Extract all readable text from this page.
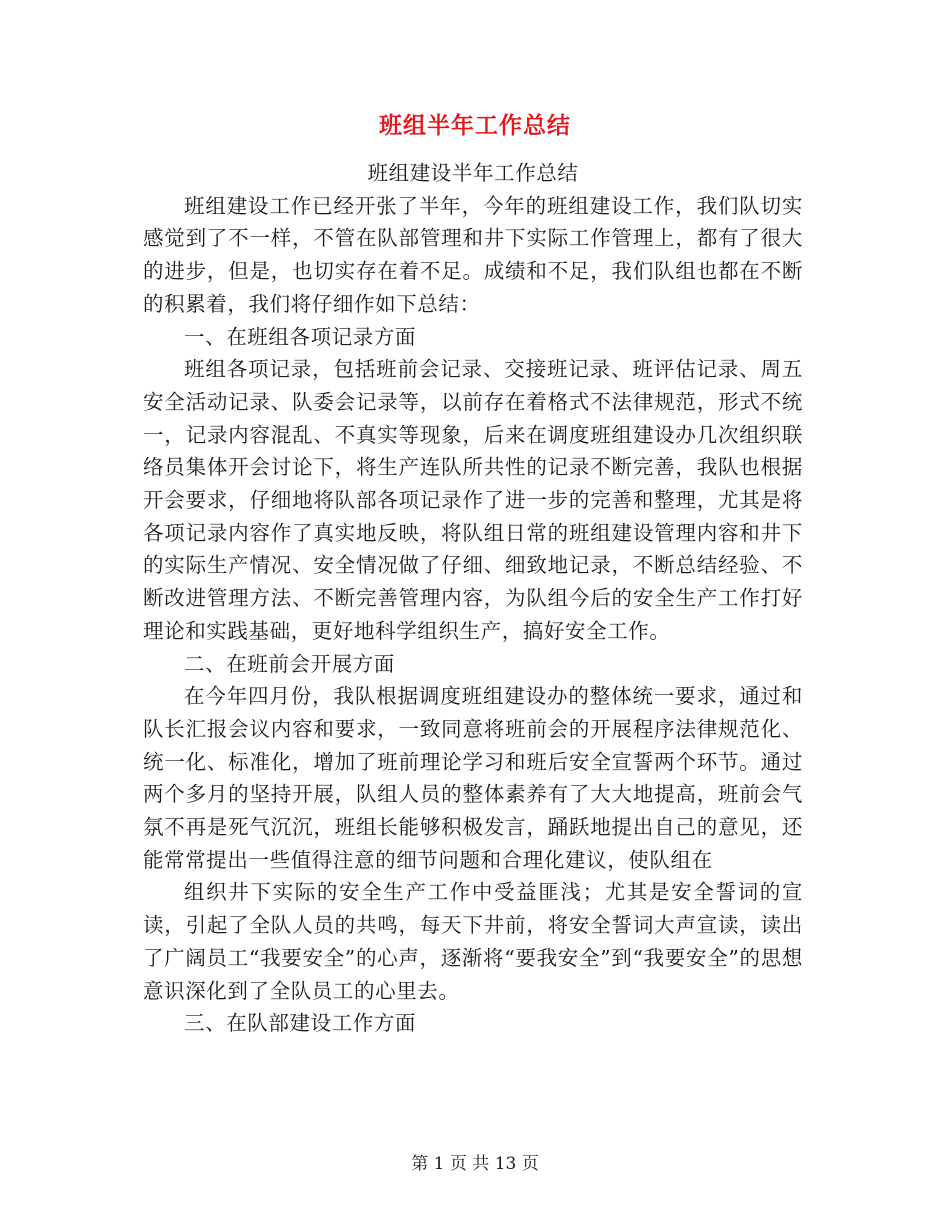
班组半年工作总结

班组建设半年工作总结

班组建设工作已经开张了半年，今年的班组建设工作，我们队切实感觉到了不一样，不管在队部管理和井下实际工作管理上，都有了很大的进步，但是，也切实存在着不足。成绩和不足，我们队组也都在不断的积累着，我们将仔细作如下总结：

一、在班组各项记录方面

班组各项记录，包括班前会记录、交接班记录、班评估记录、周五安全活动记录、队委会记录等，以前存在着格式不法律规范，形式不统一，记录内容混乱、不真实等现象，后来在调度班组建设办几次组织联络员集体开会讨论下，将生产连队所共性的记录不断完善，我队也根据开会要求，仔细地将队部各项记录作了进一步的完善和整理，尤其是将各项记录内容作了真实地反映，将队组日常的班组建设管理内容和井下的实际生产情况、安全情况做了仔细、细致地记录，不断总结经验、不断改进管理方法、不断完善管理内容，为队组今后的安全生产工作打好理论和实践基础，更好地科学组织生产，搞好安全工作。

二、在班前会开展方面

在今年四月份，我队根据调度班组建设办的整体统一要求，通过和队长汇报会议内容和要求，一致同意将班前会的开展程序法律规范化、统一化、标准化，增加了班前理论学习和班后安全宣誓两个环节。通过两个多月的坚持开展，队组人员的整体素养有了大大地提高，班前会气氛不再是死气沉沉，班组长能够积极发言，踊跃地提出自己的意见，还能常常提出一些值得注意的细节问题和合理化建议，使队组在

组织井下实际的安全生产工作中受益匪浅；尤其是安全誓词的宣读，引起了全队人员的共鸣，每天下井前，将安全誓词大声宣读，读出了广阔员工“我要安全”的心声，逐渐将“要我安全”到“我要安全”的思想意识深化到了全队员工的心里去。

三、在队部建设工作方面

第 1 页 共 13 页
